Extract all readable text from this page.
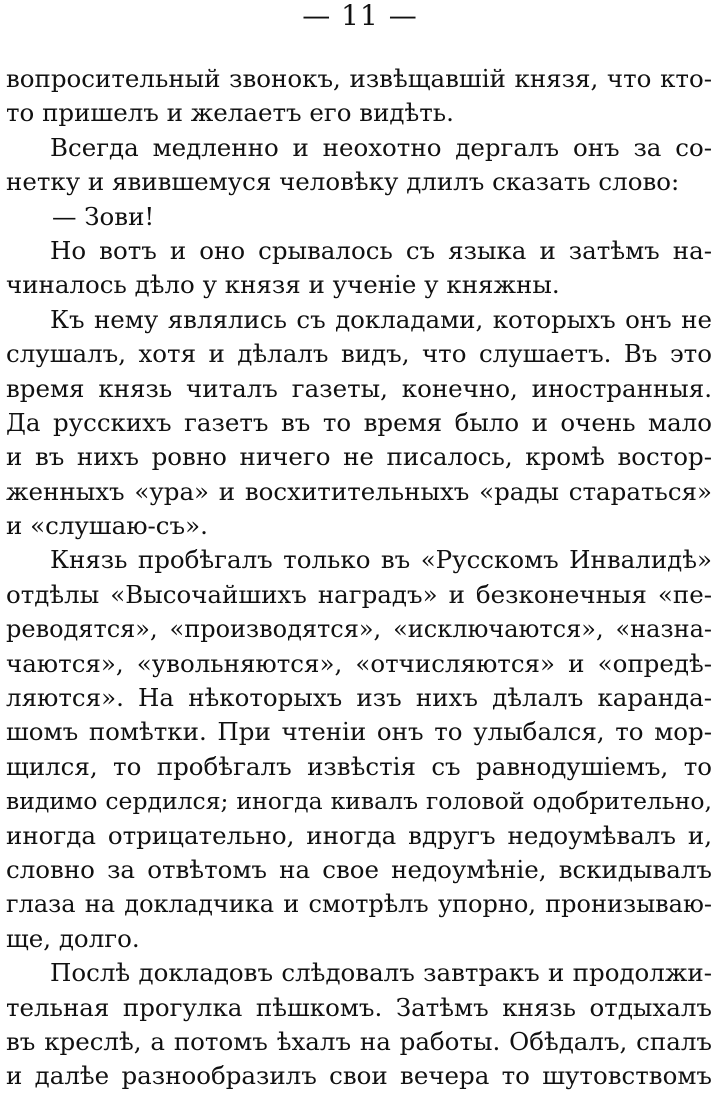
— 11 —
вопросительный звонокъ, извѣщавшій князя, что кто-
то пришелъ и желаетъ его видѣть.
Всегда медленно и неохотно дергалъ онъ за со-
нетку и явившемуся человѣку длилъ сказать слово:
— Зови!
Но вотъ и оно срывалось съ языка и затѣмъ на-
чиналось дѣло у князя и ученіе у княжны.
Къ нему являлись съ докладами, которыхъ онъ не
слушалъ, хотя и дѣлалъ видъ, что слушаетъ. Въ это
время князь читалъ газеты, конечно, иностранныя.
Да русскихъ газетъ въ то время было и очень мало
и въ нихъ ровно ничего не писалось, кромѣ востор-
женныхъ «ура» и восхитительныхъ «рады стараться»
и «слушаю-съ».
Князь пробѣгалъ только въ «Русскомъ Инвалидѣ»
отдѣлы «Высочайшихъ наградъ» и безконечныя «пе-
реводятся», «производятся», «исключаются», «назна-
чаются», «увольняются», «отчисляются» и «опредѣ-
ляются». На нѣкоторыхъ изъ нихъ дѣлалъ каранда-
шомъ помѣтки. При чтеніи онъ то улыбался, то мор-
щился, то пробѣгалъ извѣстія съ равнодушіемъ, то
видимо сердился; иногда кивалъ головой одобрительно,
иногда отрицательно, иногда вдругъ недоумѣвалъ и,
словно за отвѣтомъ на свое недоумѣніе, вскидывалъ
глаза на докладчика и смотрѣлъ упорно, пронизываю-
ще, долго.
Послѣ докладовъ слѣдовалъ завтракъ и продолжи-
тельная прогулка пѣшкомъ. Затѣмъ князь отдыхалъ
въ креслѣ, а потомъ ѣхалъ на работы. Обѣдалъ, спалъ
и далѣе разнообразилъ свои вечера то шутовствомъ
